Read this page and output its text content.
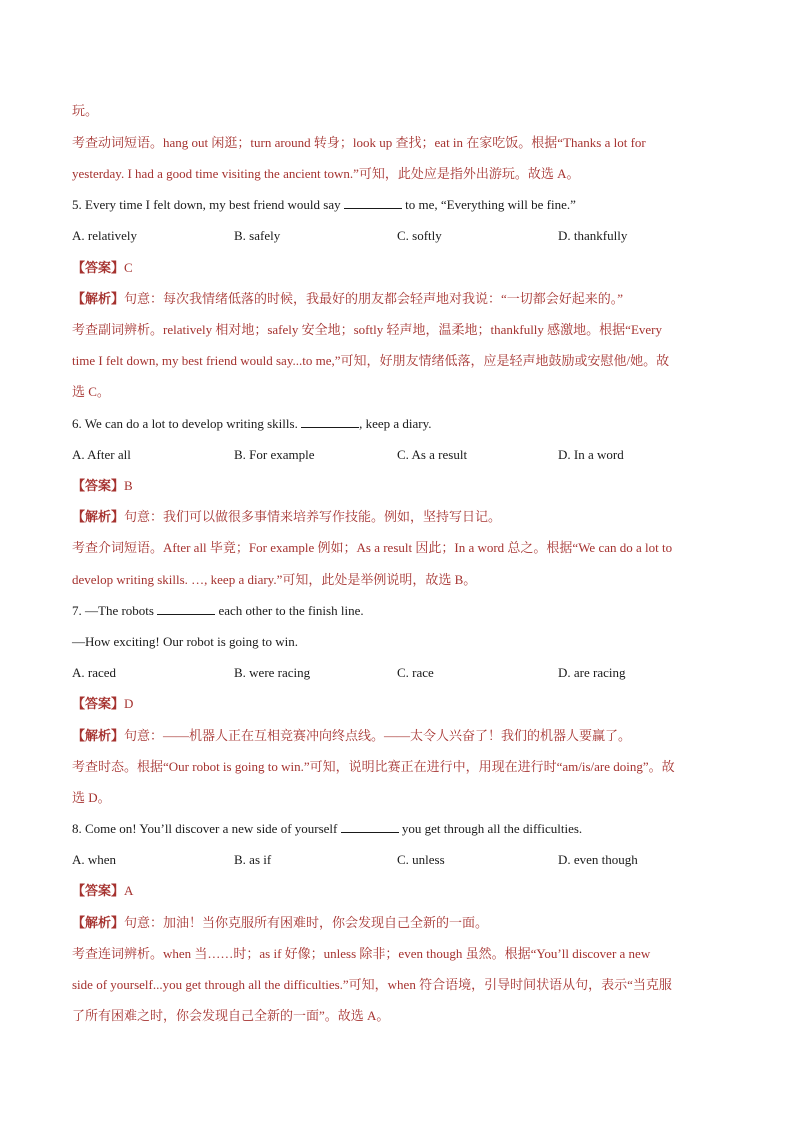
玩。
考查动词短语。hang out 闲逛；turn around 转身；look up 查找；eat in 在家吃饭。根据“Thanks a lot for
yesterday. I had a good time visiting the ancient town.”可知，此处应是指外出游玩。故选 A。
5. Every time I felt down, my best friend would say	to me, “Everything will be fine.”
A. relatively	B. safely	C. softly	D. thankfully
【答案】C
【解析】句意：每次我情绪低落的时候，我最好的朋友都会轻声地对我说：“一切都会好起来的。”
考查副词辨析。relatively 相对地；safely 安全地；softly 轻声地，温柔地；thankfully 感激地。根据“Every
time I felt down, my best friend would say...to me,”可知，好朋友情绪低落，应是轻声地鼓励或安慰他/她。故
选 C。
6. We can do a lot to develop writing skills.	, keep a diary.
A. After all	B. For example	C. As a result	D. In a word
【答案】B
【解析】句意：我们可以做很多事情来培养写作技能。例如，坚持写日记。
考查介词短语。After all 毕竟；For example 例如；As a result 因此；In a word 总之。根据“We can do a lot to
develop writing skills. …, keep a diary.”可知，此处是举例说明，故选 B。
7. —The robots	each other to the finish line.
—How exciting! Our robot is going to win.
A. raced	B. were racing	C. race	D. are racing
【答案】D
【解析】句意：——机器人正在互相竞赛冲向终点线。——太令人兴奋了！我们的机器人要赢了。
考查时态。根据“Our robot is going to win.”可知，说明比赛正在进行中，用现在进行时“am/is/are doing”。故
选 D。
8. Come on! You’ll discover a new side of yourself	you get through all the difficulties.
A. when	B. as if	C. unless	D. even though
【答案】A
【解析】句意：加油！当你克服所有困难时，你会发现自己全新的一面。
考查连词辨析。when 当……时；as if 好像；unless 除非；even though 虽然。根据“You’ll discover a new
side of yourself...you get through all the difficulties.”可知，when 符合语境，引导时间状语从句，表示“当克服
了所有困难之时，你会发现自己全新的一面”。故选 A。
